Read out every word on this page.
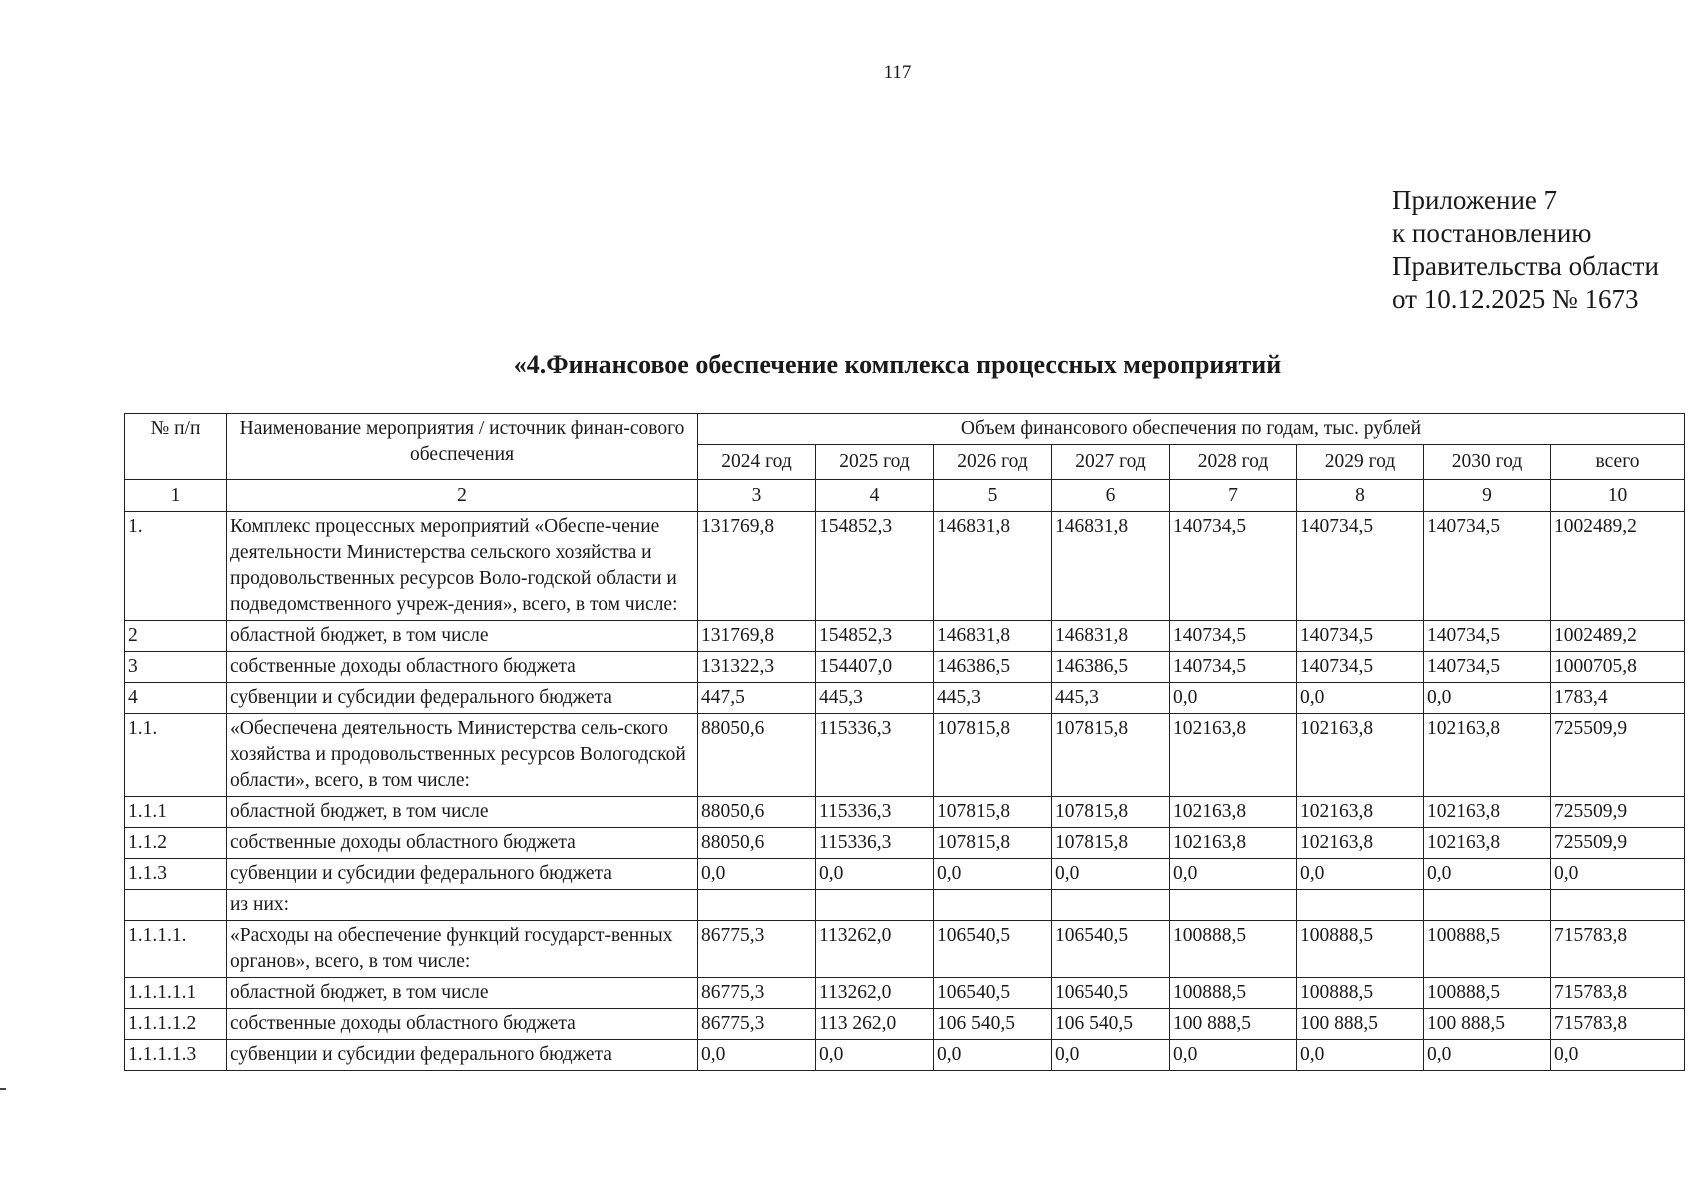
117
Приложение 7
к постановлению
Правительства области
от 10.12.2025 № 1673
«4.Финансовое обеспечение комплекса процессных мероприятий
№ п/п	Наименование мероприятия / источник финан-сового обеспечения	Объем финансового обеспечения по годам, тыс. рублей							
		2024 год	2025 год	2026 год	2027 год	2028 год	2029 год	2030 год	всего
1	2	3	4	5	6	7	8	9	10
1.	Комплекс процессных мероприятий «Обеспе-чение деятельности Министерства сельского хозяйства и продовольственных ресурсов Воло-годской области и подведомственного учреж-дения», всего, в том числе:	131769,8	154852,3	146831,8	146831,8	140734,5	140734,5	140734,5	1002489,2
2	областной бюджет, в том числе	131769,8	154852,3	146831,8	146831,8	140734,5	140734,5	140734,5	1002489,2
3	собственные доходы областного бюджета	131322,3	154407,0	146386,5	146386,5	140734,5	140734,5	140734,5	1000705,8
4	субвенции и субсидии федерального бюджета	447,5	445,3	445,3	445,3	0,0	0,0	0,0	1783,4
1.1.	«Обеспечена деятельность Министерства сель-ского хозяйства и продовольственных ресурсов Вологодской области», всего, в том числе:	88050,6	115336,3	107815,8	107815,8	102163,8	102163,8	102163,8	725509,9
1.1.1	областной бюджет, в том числе	88050,6	115336,3	107815,8	107815,8	102163,8	102163,8	102163,8	725509,9
1.1.2	собственные доходы областного бюджета	88050,6	115336,3	107815,8	107815,8	102163,8	102163,8	102163,8	725509,9
1.1.3	субвенции и субсидии федерального бюджета	0,0	0,0	0,0	0,0	0,0	0,0	0,0	0,0
	из них:								
1.1.1.1.	«Расходы на обеспечение функций государст-венных органов», всего, в том числе:	86775,3	113262,0	106540,5	106540,5	100888,5	100888,5	100888,5	715783,8
1.1.1.1.1	областной бюджет, в том числе	86775,3	113262,0	106540,5	106540,5	100888,5	100888,5	100888,5	715783,8
1.1.1.1.2	собственные доходы областного бюджета	86775,3	113 262,0	106 540,5	106 540,5	100 888,5	100 888,5	100 888,5	715783,8
1.1.1.1.3	субвенции и субсидии федерального бюджета	0,0	0,0	0,0	0,0	0,0	0,0	0,0	0,0
